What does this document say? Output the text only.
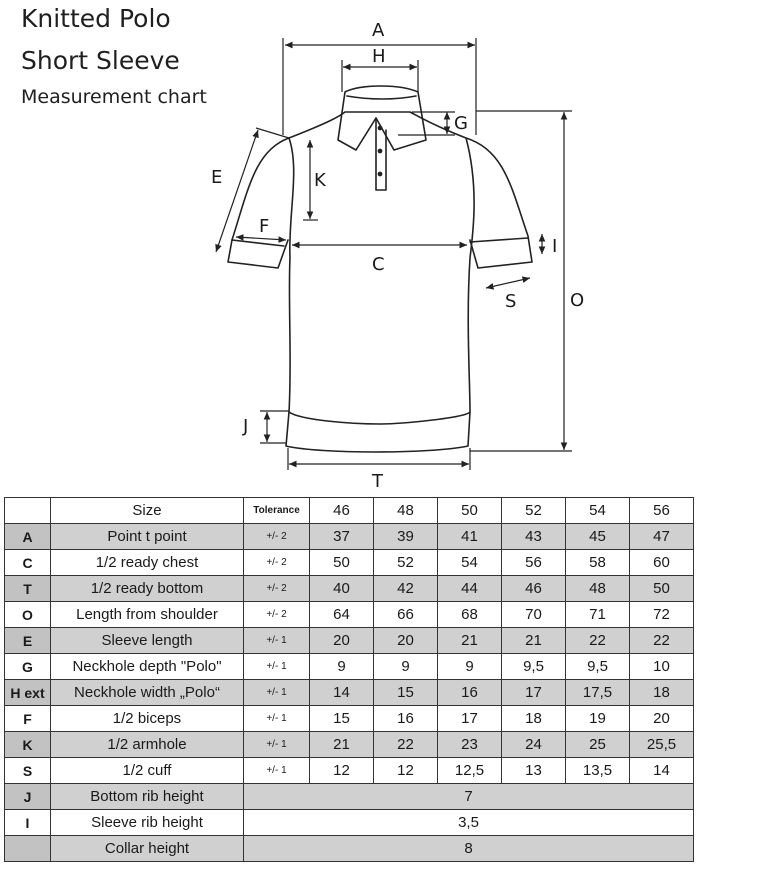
Knitted Polo
Short Sleeve
Measurement chart
A
H
G
E	K
F
C
I
S	O
J
T
	Size	Tolerance	46	48	50	52	54	56
A	Point t point	+/- 2	37	39	41	43	45	47
C	1/2 ready chest	+/- 2	50	52	54	56	58	60
T	1/2 ready bottom	+/- 2	40	42	44	46	48	50
O	Length from shoulder	+/- 2	64	66	68	70	71	72
E	Sleeve length	+/- 1	20	20	21	21	22	22
G	Neckhole depth "Polo"	+/- 1	9	9	9	9,5	9,5	10
H ext	Neckhole width „Polo“	+/- 1	14	15	16	17	17,5	18
F	1/2 biceps	+/- 1	15	16	17	18	19	20
K	1/2 armhole	+/- 1	21	22	23	24	25	25,5
S	1/2 cuff	+/- 1	12	12	12,5	13	13,5	14
J	Bottom rib height	7						
I	Sleeve rib height	3,5						
	Collar height	8						
